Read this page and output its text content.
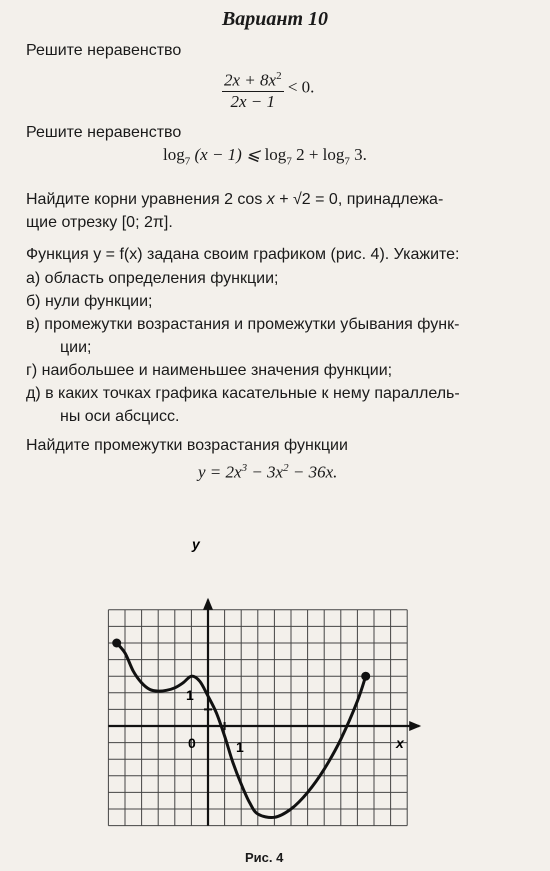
Вариант 10
Решите неравенство
$\frac{2x + 8x^2}{2x - 1} < 0$.
Решите неравенство
$\log_7 (x - 1)$ ⩽ $\log_7 2 + \log_7 3$.
Найдите корни уравнения 2 cos x + √2 = 0, принадлежа-
щие отрезку [0; 2π].
Функция y = f(x) задана своим графиком (рис. 4). Укажите:
а) область определения функции;
б) нули функции;
в) промежутки возрастания и промежутки убывания функ-
ции;
г) наибольшее и наименьшее значения функции;
д) в каких точках графика касательные к нему параллель-
ны оси абсцисс.
Найдите промежутки возрастания функции
$y = 2x^3 - 3x^2 - 36x$.
y
x
0	1
1
Рис. 4
